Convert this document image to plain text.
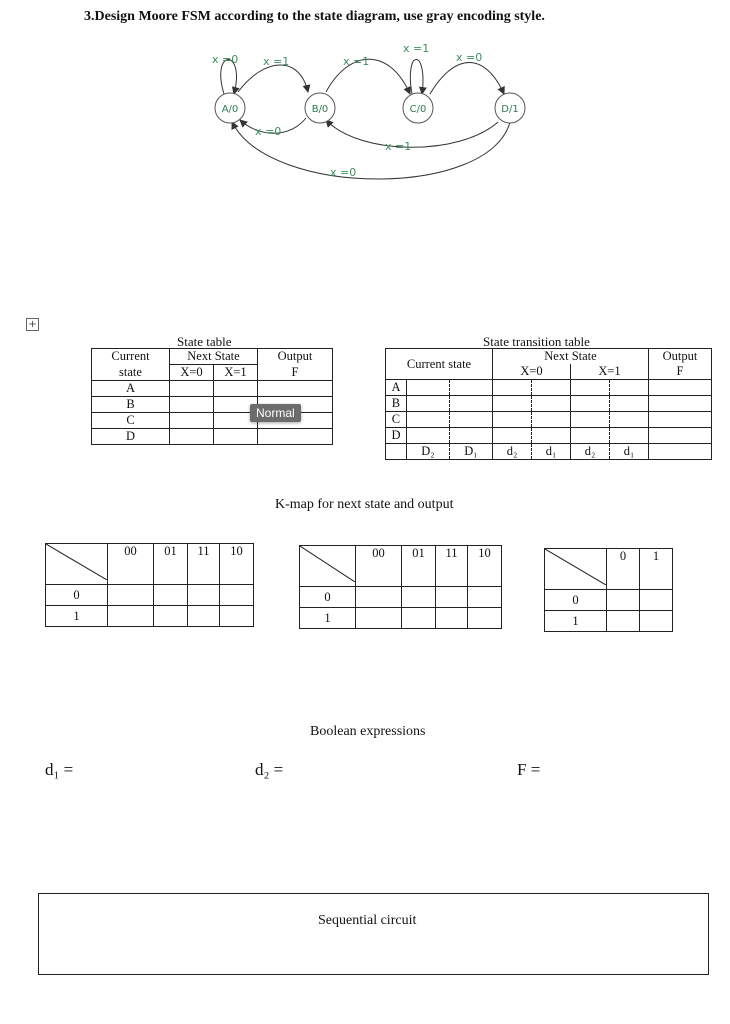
3.Design Moore FSM according to the state diagram, use gray encoding style.
A/0	B/0	C/0	D/1
x =0 x =1	x =1
x =1
x =0
x =0
x =1
x =0
+
State table
Current	Next State		Output
state	X=0	X=1	F
A			
B			
C			
D			
Normal
State transition table
Current state			Next State				Output
			X=0		X=1		F
A							
B							
C							
D							
	D₂	D₁	d₂	d₁	d₂	d₁	
K-map for next state and output
	00	01	11	10
0				
1				
	00	01	11	10
0				
1				
	0	1
0		
1		
Boolean expressions
d₁ =	d₂ =	F =
Sequential circuit
